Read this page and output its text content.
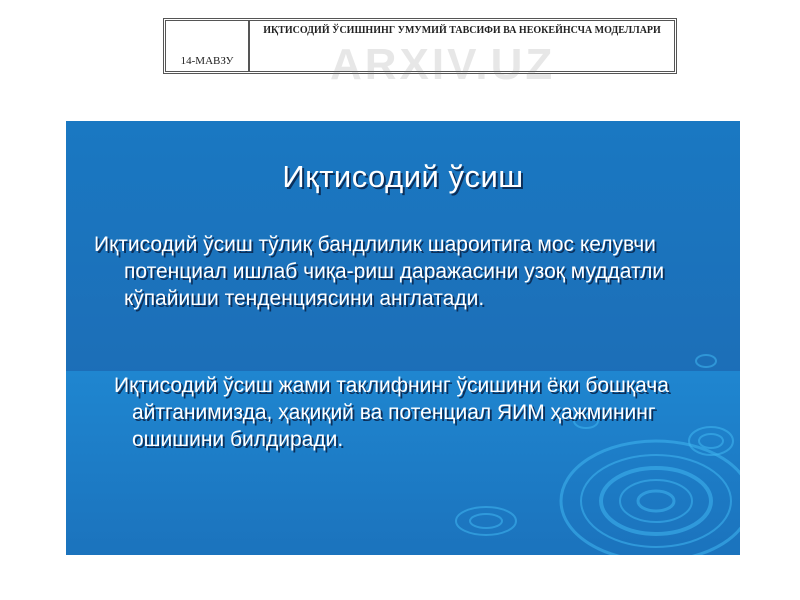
14-МАВЗУ
ИҚТИСОДИЙ ЎСИШНИНГ УМУМИЙ ТАВСИФИ ВА НЕОКЕЙНСЧА МОДЕЛЛАРИ
Иқтисодий ўсиш
Иқтисодий ўсиш тўлиқ бандлилик шароитига мос келувчи потенциал ишлаб чиқа-риш даражасини узоқ муддатли кўпайиши тенденциясини англатади.
Иқтисодий ўсиш жами таклифнинг ўсишини ёки бошқача айтганимизда, ҳақиқий ва потенциал ЯИМ ҳажмининг ошишини билдиради.
